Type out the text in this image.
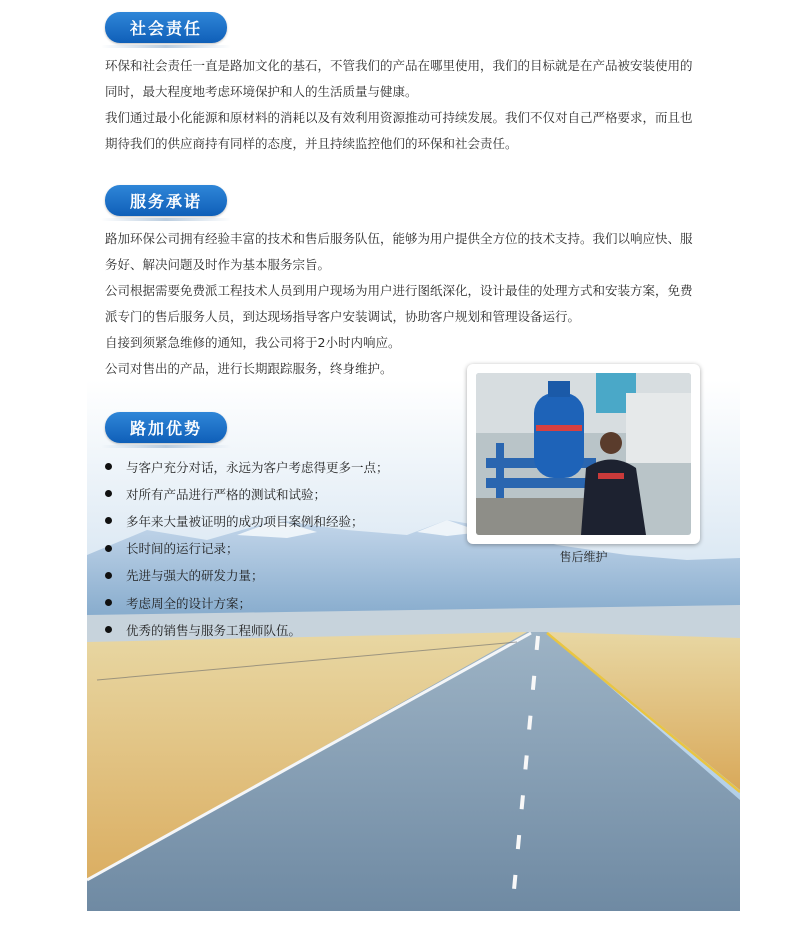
社会责任

环保和社会责任一直是路加文化的基石，不管我们的产品在哪里使用，我们的目标就是在产品被安装使用的

同时，最大程度地考虑环境保护和人的生活质量与健康。

我们通过最小化能源和原材料的消耗以及有效利用资源推动可持续发展。我们不仅对自己严格要求，而且也

期待我们的供应商持有同样的态度，并且持续监控他们的环保和社会责任。

服务承诺

路加环保公司拥有经验丰富的技术和售后服务队伍，能够为用户提供全方位的技术支持。我们以响应快、服

务好、解决问题及时作为基本服务宗旨。

公司根据需要免费派工程技术人员到用户现场为用户进行图纸深化，设计最佳的处理方式和安装方案，免费

派专门的售后服务人员，到达现场指导客户安装调试，协助客户规划和管理设备运行。

自接到须紧急维修的通知，我公司将于2小时内响应。

公司对售出的产品，进行长期跟踪服务，终身维护。

售后维护
路加优势
与客户充分对话，永远为客户考虑得更多一点；
对所有产品进行严格的测试和试验；
多年来大量被证明的成功项目案例和经验；
长时间的运行记录；
先进与强大的研发力量；
考虑周全的设计方案；
优秀的销售与服务工程师队伍。
